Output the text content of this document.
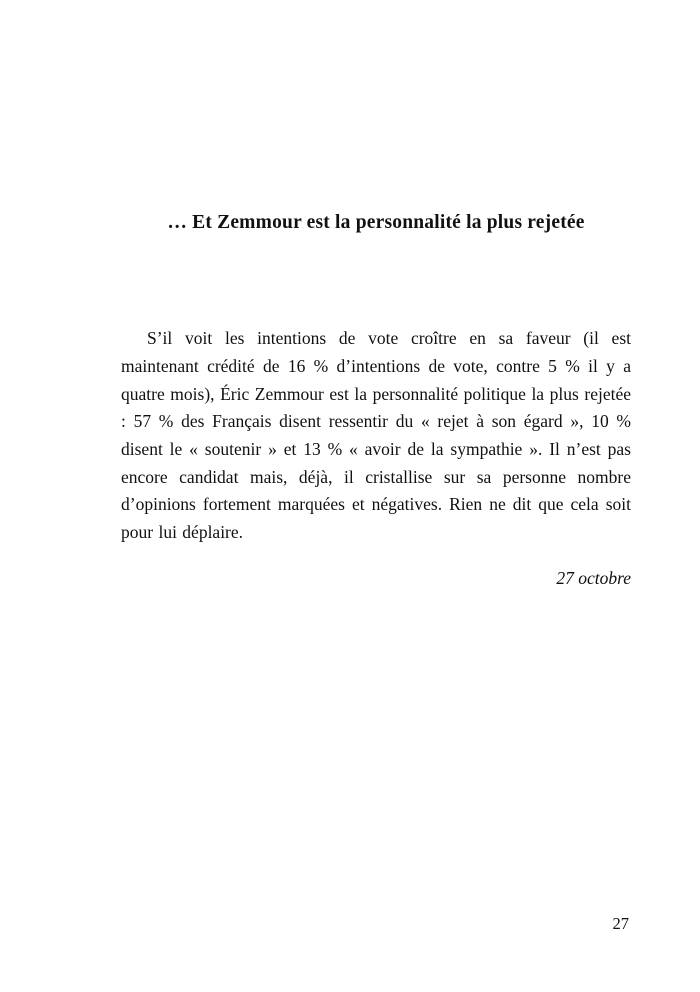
… Et Zemmour est la personnalité la plus rejetée

S’il voit les intentions de vote croître en sa faveur (il est maintenant crédité de 16 % d’intentions de vote, contre 5 % il y a quatre mois), Éric Zemmour est la personnalité politique la plus rejetée : 57 % des Français disent ressentir du « rejet à son égard », 10 % disent le « soutenir » et 13 % « avoir de la sympathie ». Il n’est pas encore candidat mais, déjà, il cristallise sur sa personne nombre d’opinions fortement marquées et négatives. Rien ne dit que cela soit pour lui déplaire.

27 octobre

27
